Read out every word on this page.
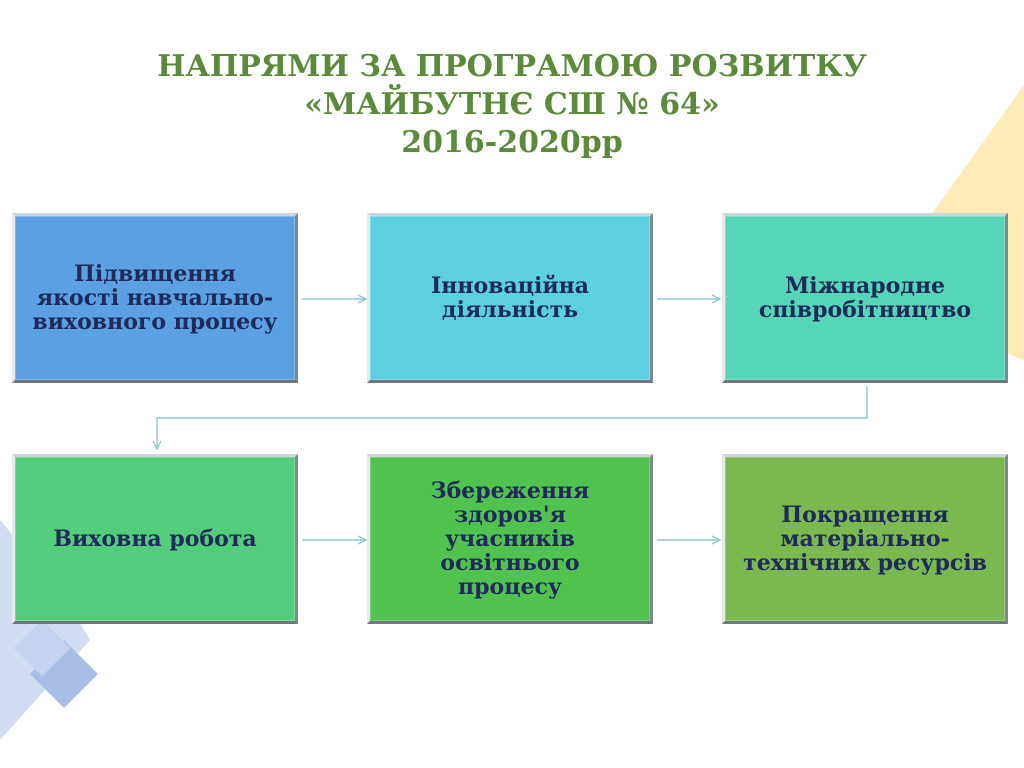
НАПРЯМИ ЗА ПРОГРАМОЮ РОЗВИТКУ
«МАЙБУТНЄ СШ № 64»
2016-2020рр
Підвищення якості навчально-виховного процесу
Інноваційна діяльність
Міжнародне співробітництво
Виховна робота
Збереження здоров'я учасників освітнього процесу
Покращення матеріально-технічних ресурсів
